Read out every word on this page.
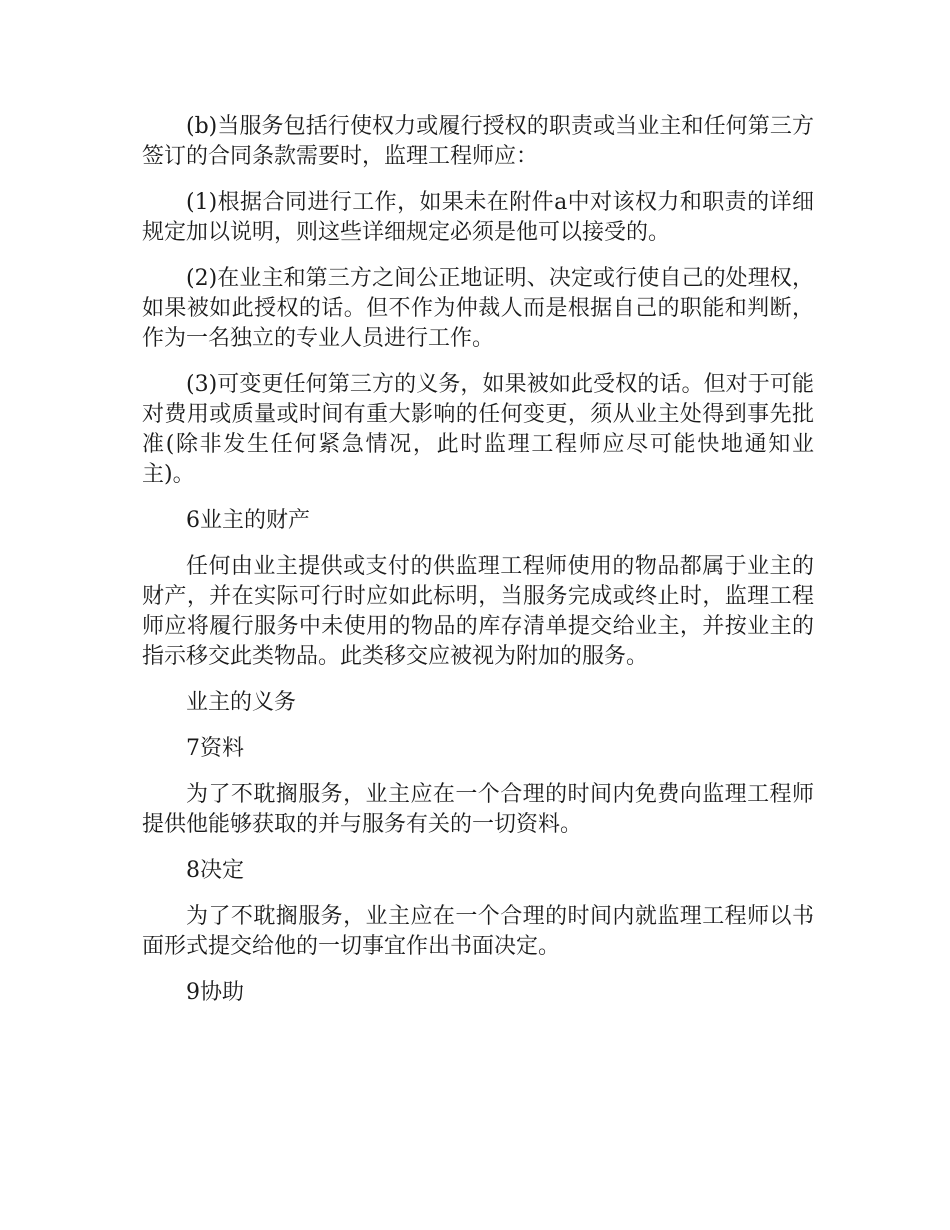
(b)当服务包括行使权力或履行授权的职责或当业主和任何第三方签订的合同条款需要时，监理工程师应：

(1)根据合同进行工作，如果未在附件a中对该权力和职责的详细规定加以说明，则这些详细规定必须是他可以接受的。

(2)在业主和第三方之间公正地证明、决定或行使自己的处理权，如果被如此授权的话。但不作为仲裁人而是根据自己的职能和判断，作为一名独立的专业人员进行工作。

(3)可变更任何第三方的义务，如果被如此受权的话。但对于可能对费用或质量或时间有重大影响的任何变更，须从业主处得到事先批准(除非发生任何紧急情况，此时监理工程师应尽可能快地通知业主)。

6业主的财产

任何由业主提供或支付的供监理工程师使用的物品都属于业主的财产，并在实际可行时应如此标明，当服务完成或终止时，监理工程师应将履行服务中未使用的物品的库存清单提交给业主，并按业主的指示移交此类物品。此类移交应被视为附加的服务。

业主的义务

7资料

为了不耽搁服务，业主应在一个合理的时间内免费向监理工程师提供他能够获取的并与服务有关的一切资料。

8决定

为了不耽搁服务，业主应在一个合理的时间内就监理工程师以书面形式提交给他的一切事宜作出书面决定。

9协助
